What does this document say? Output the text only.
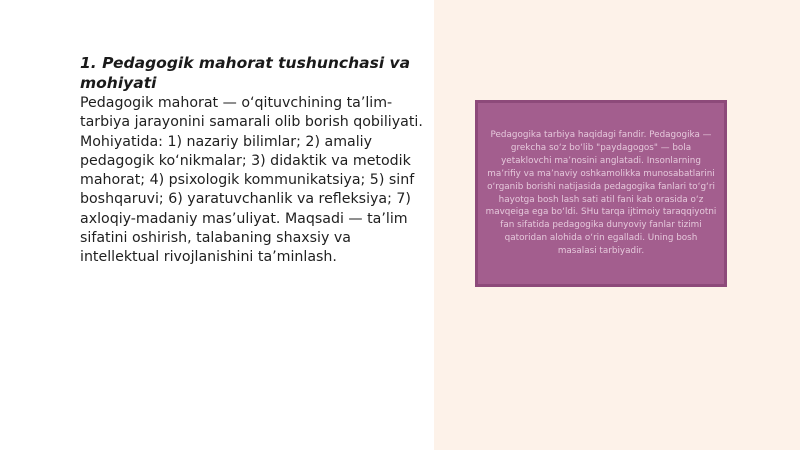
1. Pedagogik mahorat tushunchasi va mohiyati

Pedagogik mahorat — o‘qituvchining ta’lim-tarbiya jarayonini samarali olib borish qobiliyati. Mohiyatida: 1) nazariy bilimlar; 2) amaliy pedagogik ko‘nikmalar; 3) didaktik va metodik mahorat; 4) psixologik kommunikatsiya; 5) sinf boshqaruvi; 6) yaratuvchanlik va refleksiya; 7) axloqiy-madaniy mas’uliyat. Maqsadi — ta’lim sifatini oshirish, talabaning shaxsiy va intellektual rivojlanishini ta’minlash.

Pedagogika tarbiya haqidagi fandir. Pedagogika — grekcha so‘z bo‘lib "paydagogos" — bola yetaklovchi ma’nosini anglatadi. Insonlarning ma’rifiy va ma’naviy oshkamolikka munosabatlarini o‘rganib borishi natijasida pedagogika fanlari to‘g‘ri hayotga bosh lash sati atil fani kab orasida o‘z mavqeiga ega bo‘ldi. SHu tarqa ijtimoiy taraqqiyotni fan sifatida pedagogika dunyoviy fanlar tizimi qatoridan alohida o‘rin egalladi. Uning bosh masalasi tarbiyadir.
